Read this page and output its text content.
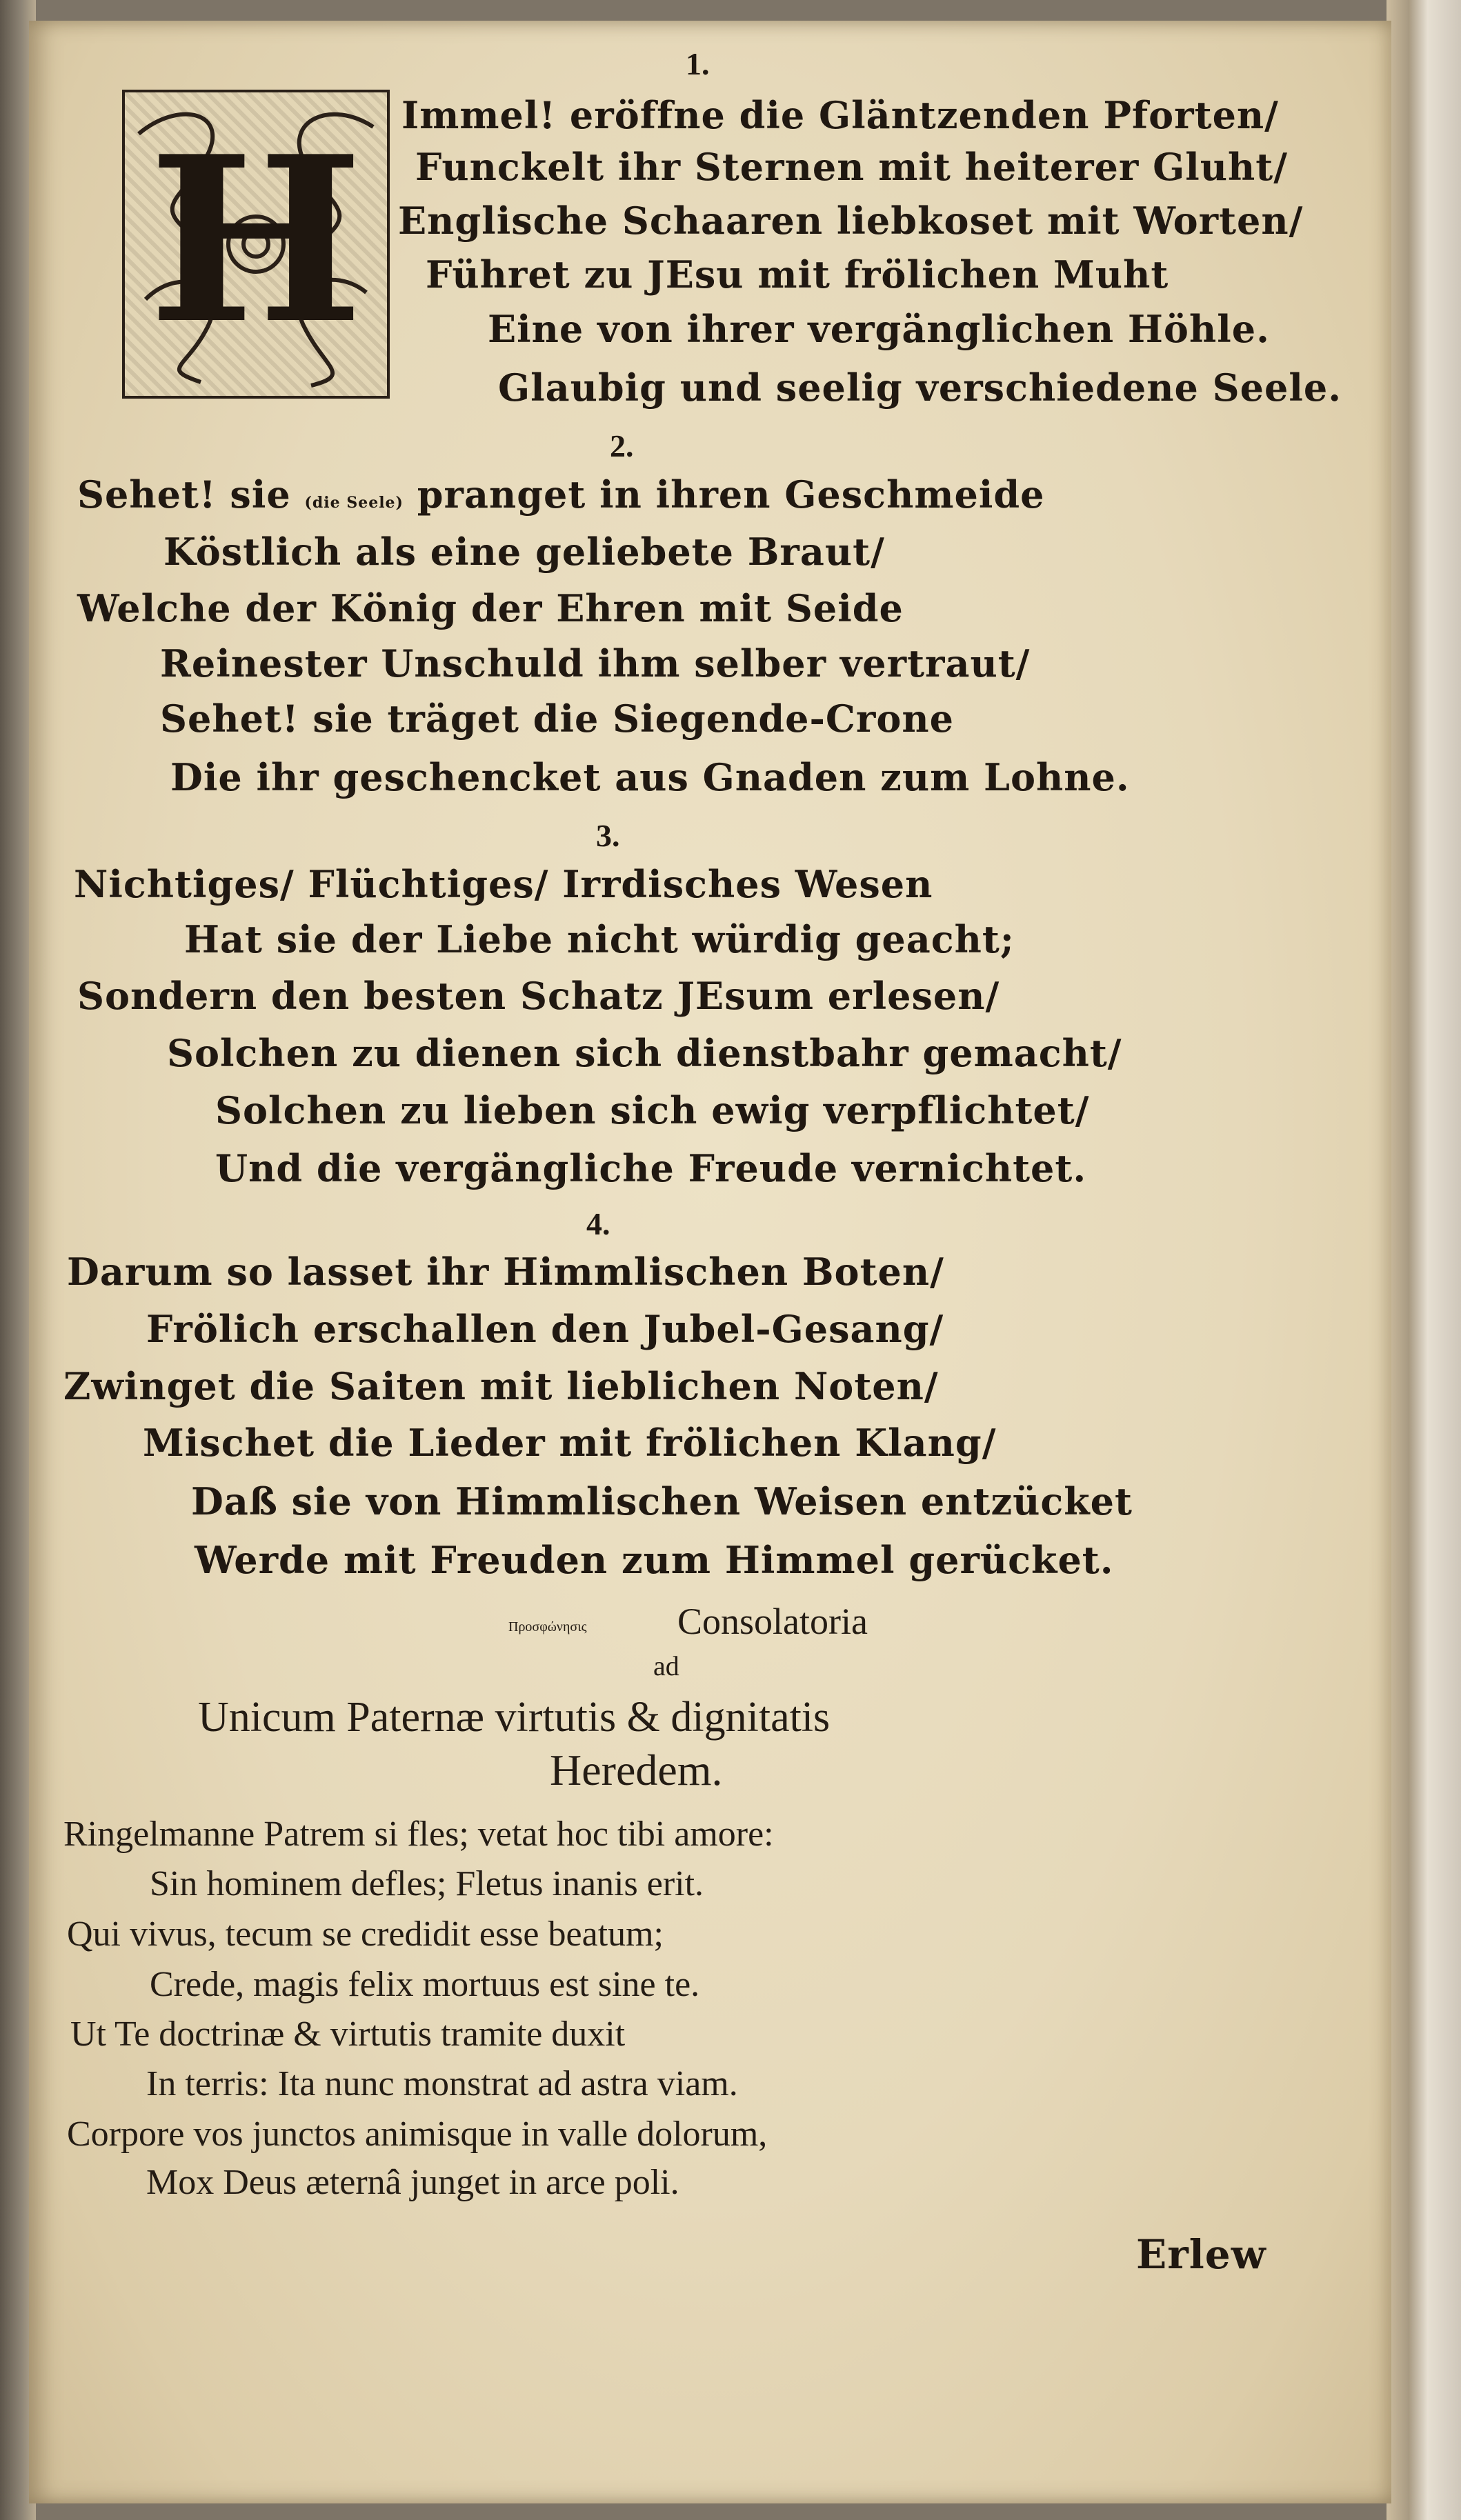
1.
H Immel! eröffne die Gläntzenden Pforten/
Funckelt ihr Sternen mit heiterer Gluht/
Englische Schaaren liebkoset mit Worten/
Führet zu JEsu mit frölichen Muht
Eine von ihrer vergänglichen Höhle.
Glaubig und seelig verschiedene Seele.
2.
Sehet! sie (die Seele) pranget in ihren Geschmeide
Köstlich als eine geliebete Braut/
Welche der König der Ehren mit Seide
Reinester Unschuld ihm selber vertraut/
Sehet! sie träget die Siegende-Crone
Die ihr geschencket aus Gnaden zum Lohne.
3.
Nichtiges/ Flüchtiges/ Irrdisches Wesen
Hat sie der Liebe nicht würdig geacht;
Sondern den besten Schatz JEsum erlesen/
Solchen zu dienen sich dienstbahr gemacht/
Solchen zu lieben sich ewig verpflichtet/
Und die vergängliche Freude vernichtet.
4.
Darum so lasset ihr Himmlischen Boten/
Frölich erschallen den Jubel-Gesang/
Zwinget die Saiten mit lieblichen Noten/
Mischet die Lieder mit frölichen Klang/
Daß sie von Himmlischen Weisen entzücket
Werde mit Freuden zum Himmel gerücket.
Προσφώνησις Consolatoria
ad
Unicum Paternæ virtutis & dignitatis
Heredem.
Ringelmanne Patrem si fles; vetat hoc tibi amore:
Sin hominem defles; Fletus inanis erit.
Qui vivus, tecum se credidit esse beatum;
Crede, magis felix mortuus est sine te.
Ut Te doctrinæ & virtutis tramite duxit
In terris: Ita nunc monstrat ad astra viam.
Corpore vos junctos animisque in valle dolorum,
Mox Deus æternâ junget in arce poli.
Erlew
